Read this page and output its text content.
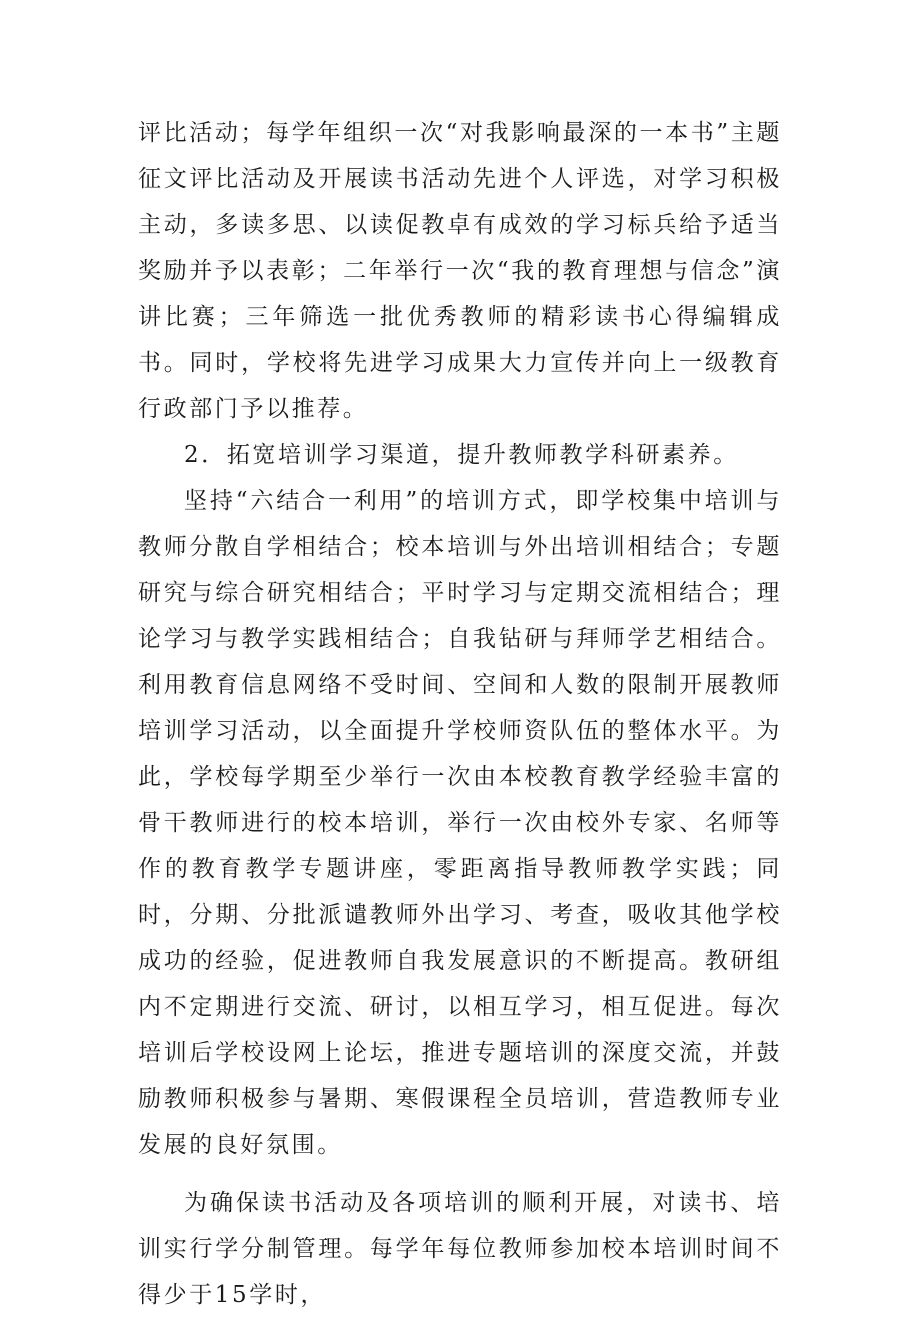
评比活动；每学年组织一次“对我影响最深的一本书”主题征文评比活动及开展读书活动先进个人评选，对学习积极主动，多读多思、以读促教卓有成效的学习标兵给予适当奖励并予以表彰；二年举行一次“我的教育理想与信念”演讲比赛；三年筛选一批优秀教师的精彩读书心得编辑成书。同时，学校将先进学习成果大力宣传并向上一级教育行政部门予以推荐。

2．拓宽培训学习渠道，提升教师教学科研素养。

坚持“六结合一利用”的培训方式，即学校集中培训与教师分散自学相结合；校本培训与外出培训相结合；专题研究与综合研究相结合；平时学习与定期交流相结合；理论学习与教学实践相结合；自我钻研与拜师学艺相结合。利用教育信息网络不受时间、空间和人数的限制开展教师培训学习活动，以全面提升学校师资队伍的整体水平。为此，学校每学期至少举行一次由本校教育教学经验丰富的骨干教师进行的校本培训，举行一次由校外专家、名师等作的教育教学专题讲座，零距离指导教师教学实践；同时，分期、分批派谴教师外出学习、考查，吸收其他学校成功的经验，促进教师自我发展意识的不断提高。教研组内不定期进行交流、研讨，以相互学习，相互促进。每次培训后学校设网上论坛，推进专题培训的深度交流，并鼓励教师积极参与暑期、寒假课程全员培训，营造教师专业发展的良好氛围。

为确保读书活动及各项培训的顺利开展，对读书、培训实行学分制管理。每学年每位教师参加校本培训时间不得少于15学时，
